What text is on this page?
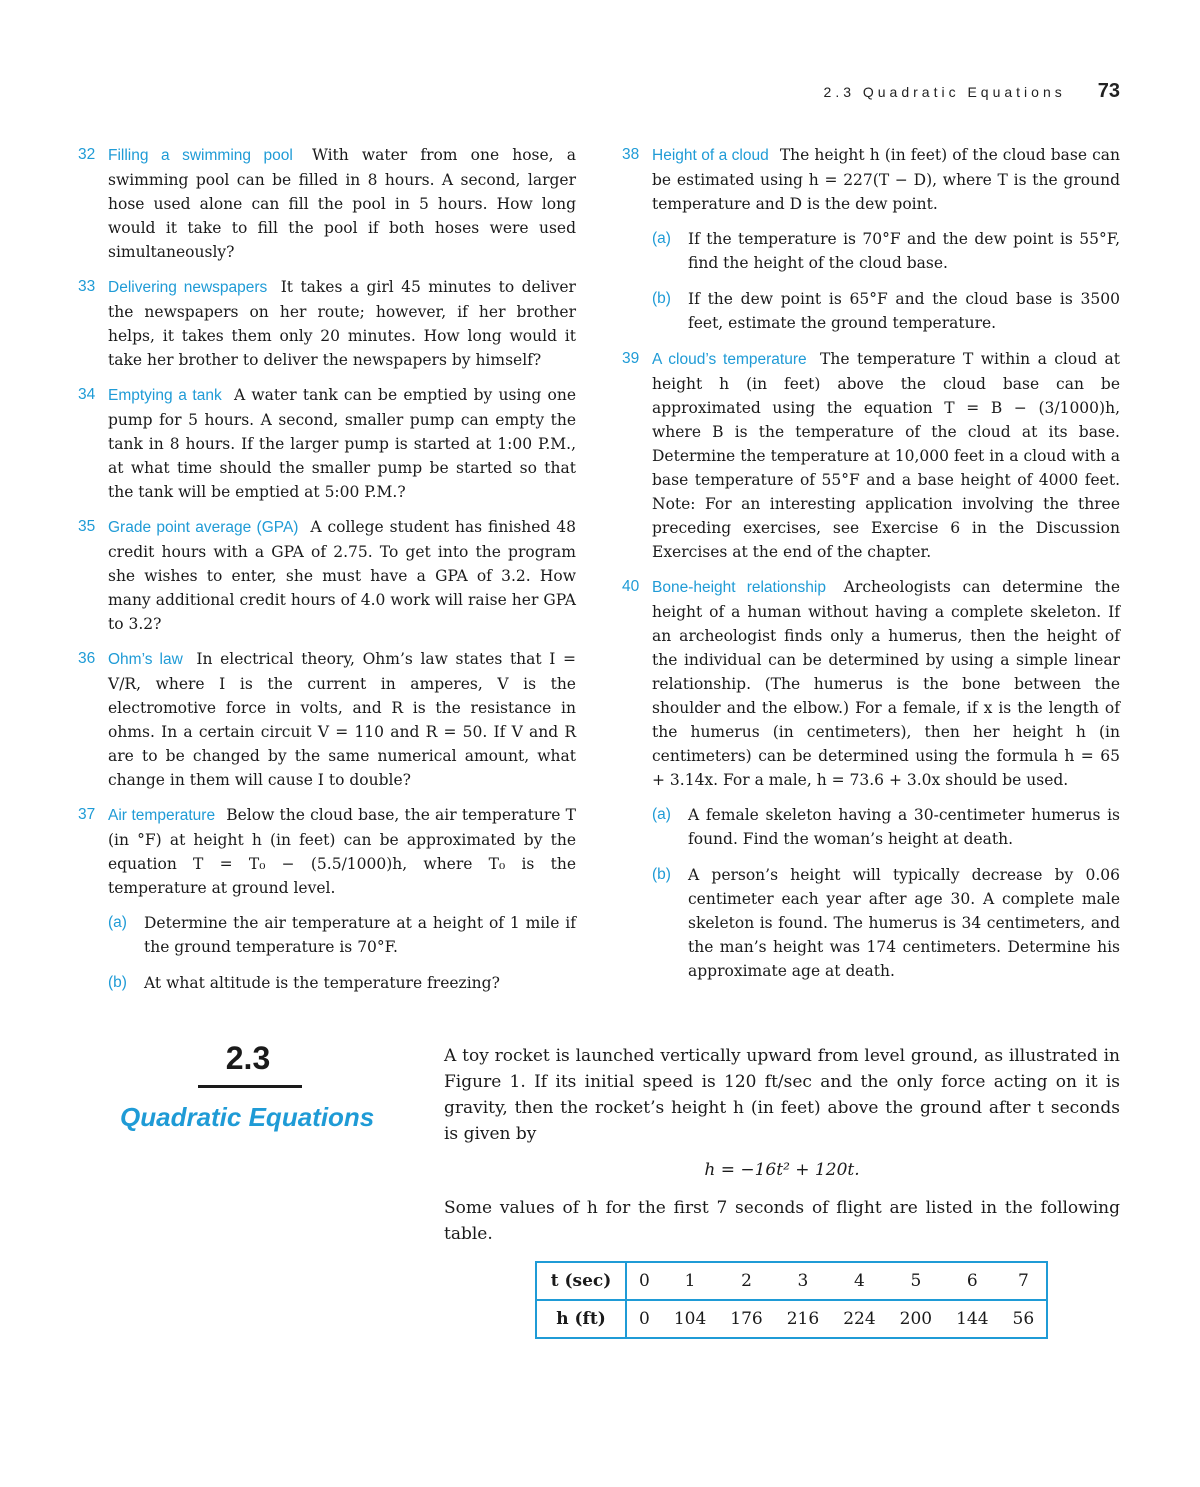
2.3 Quadratic Equations 73
32 Filling a swimming pool With water from one hose, a swimming pool can be filled in 8 hours. A second, larger hose used alone can fill the pool in 5 hours. How long would it take to fill the pool if both hoses were used simultaneously?
33 Delivering newspapers It takes a girl 45 minutes to deliver the newspapers on her route; however, if her brother helps, it takes them only 20 minutes. How long would it take her brother to deliver the newspapers by himself?
34 Emptying a tank A water tank can be emptied by using one pump for 5 hours. A second, smaller pump can empty the tank in 8 hours. If the larger pump is started at 1:00 P.M., at what time should the smaller pump be started so that the tank will be emptied at 5:00 P.M.?
35 Grade point average (GPA) A college student has finished 48 credit hours with a GPA of 2.75. To get into the program she wishes to enter, she must have a GPA of 3.2. How many additional credit hours of 4.0 work will raise her GPA to 3.2?
36 Ohm’s law In electrical theory, Ohm’s law states that I = V/R, where I is the current in amperes, V is the electromotive force in volts, and R is the resistance in ohms. In a certain circuit V = 110 and R = 50. If V and R are to be changed by the same numerical amount, what change in them will cause I to double?
37 Air temperature Below the cloud base, the air temperature T (in °F) at height h (in feet) can be approximated by the equation T = T₀ − (5.5/1000)h, where T₀ is the temperature at ground level.
(a) Determine the air temperature at a height of 1 mile if the ground temperature is 70°F.
(b) At what altitude is the temperature freezing?
38 Height of a cloud The height h (in feet) of the cloud base can be estimated using h = 227(T − D), where T is the ground temperature and D is the dew point.
(a) If the temperature is 70°F and the dew point is 55°F, find the height of the cloud base.
(b) If the dew point is 65°F and the cloud base is 3500 feet, estimate the ground temperature.
39 A cloud’s temperature The temperature T within a cloud at height h (in feet) above the cloud base can be approximated using the equation T = B − (3/1000)h, where B is the temperature of the cloud at its base. Determine the temperature at 10,000 feet in a cloud with a base temperature of 55°F and a base height of 4000 feet. Note: For an interesting application involving the three preceding exercises, see Exercise 6 in the Discussion Exercises at the end of the chapter.
40 Bone-height relationship Archeologists can determine the height of a human without having a complete skeleton. If an archeologist finds only a humerus, then the height of the individual can be determined by using a simple linear relationship. (The humerus is the bone between the shoulder and the elbow.) For a female, if x is the length of the humerus (in centimeters), then her height h (in centimeters) can be determined using the formula h = 65 + 3.14x. For a male, h = 73.6 + 3.0x should be used.
(a) A female skeleton having a 30-centimeter humerus is found. Find the woman’s height at death.
(b) A person’s height will typically decrease by 0.06 centimeter each year after age 30. A complete male skeleton is found. The humerus is 34 centimeters, and the man’s height was 174 centimeters. Determine his approximate age at death.
2.3
Quadratic Equations

A toy rocket is launched vertically upward from level ground, as illustrated in Figure 1. If its initial speed is 120 ft/sec and the only force acting on it is gravity, then the rocket’s height h (in feet) above the ground after t seconds is given by

h = −16t² + 120t.

Some values of h for the first 7 seconds of flight are listed in the following table.

t (sec)	0	1	2	3	4	5	6	7
h (ft)	0	104	176	216	224	200	144	56
